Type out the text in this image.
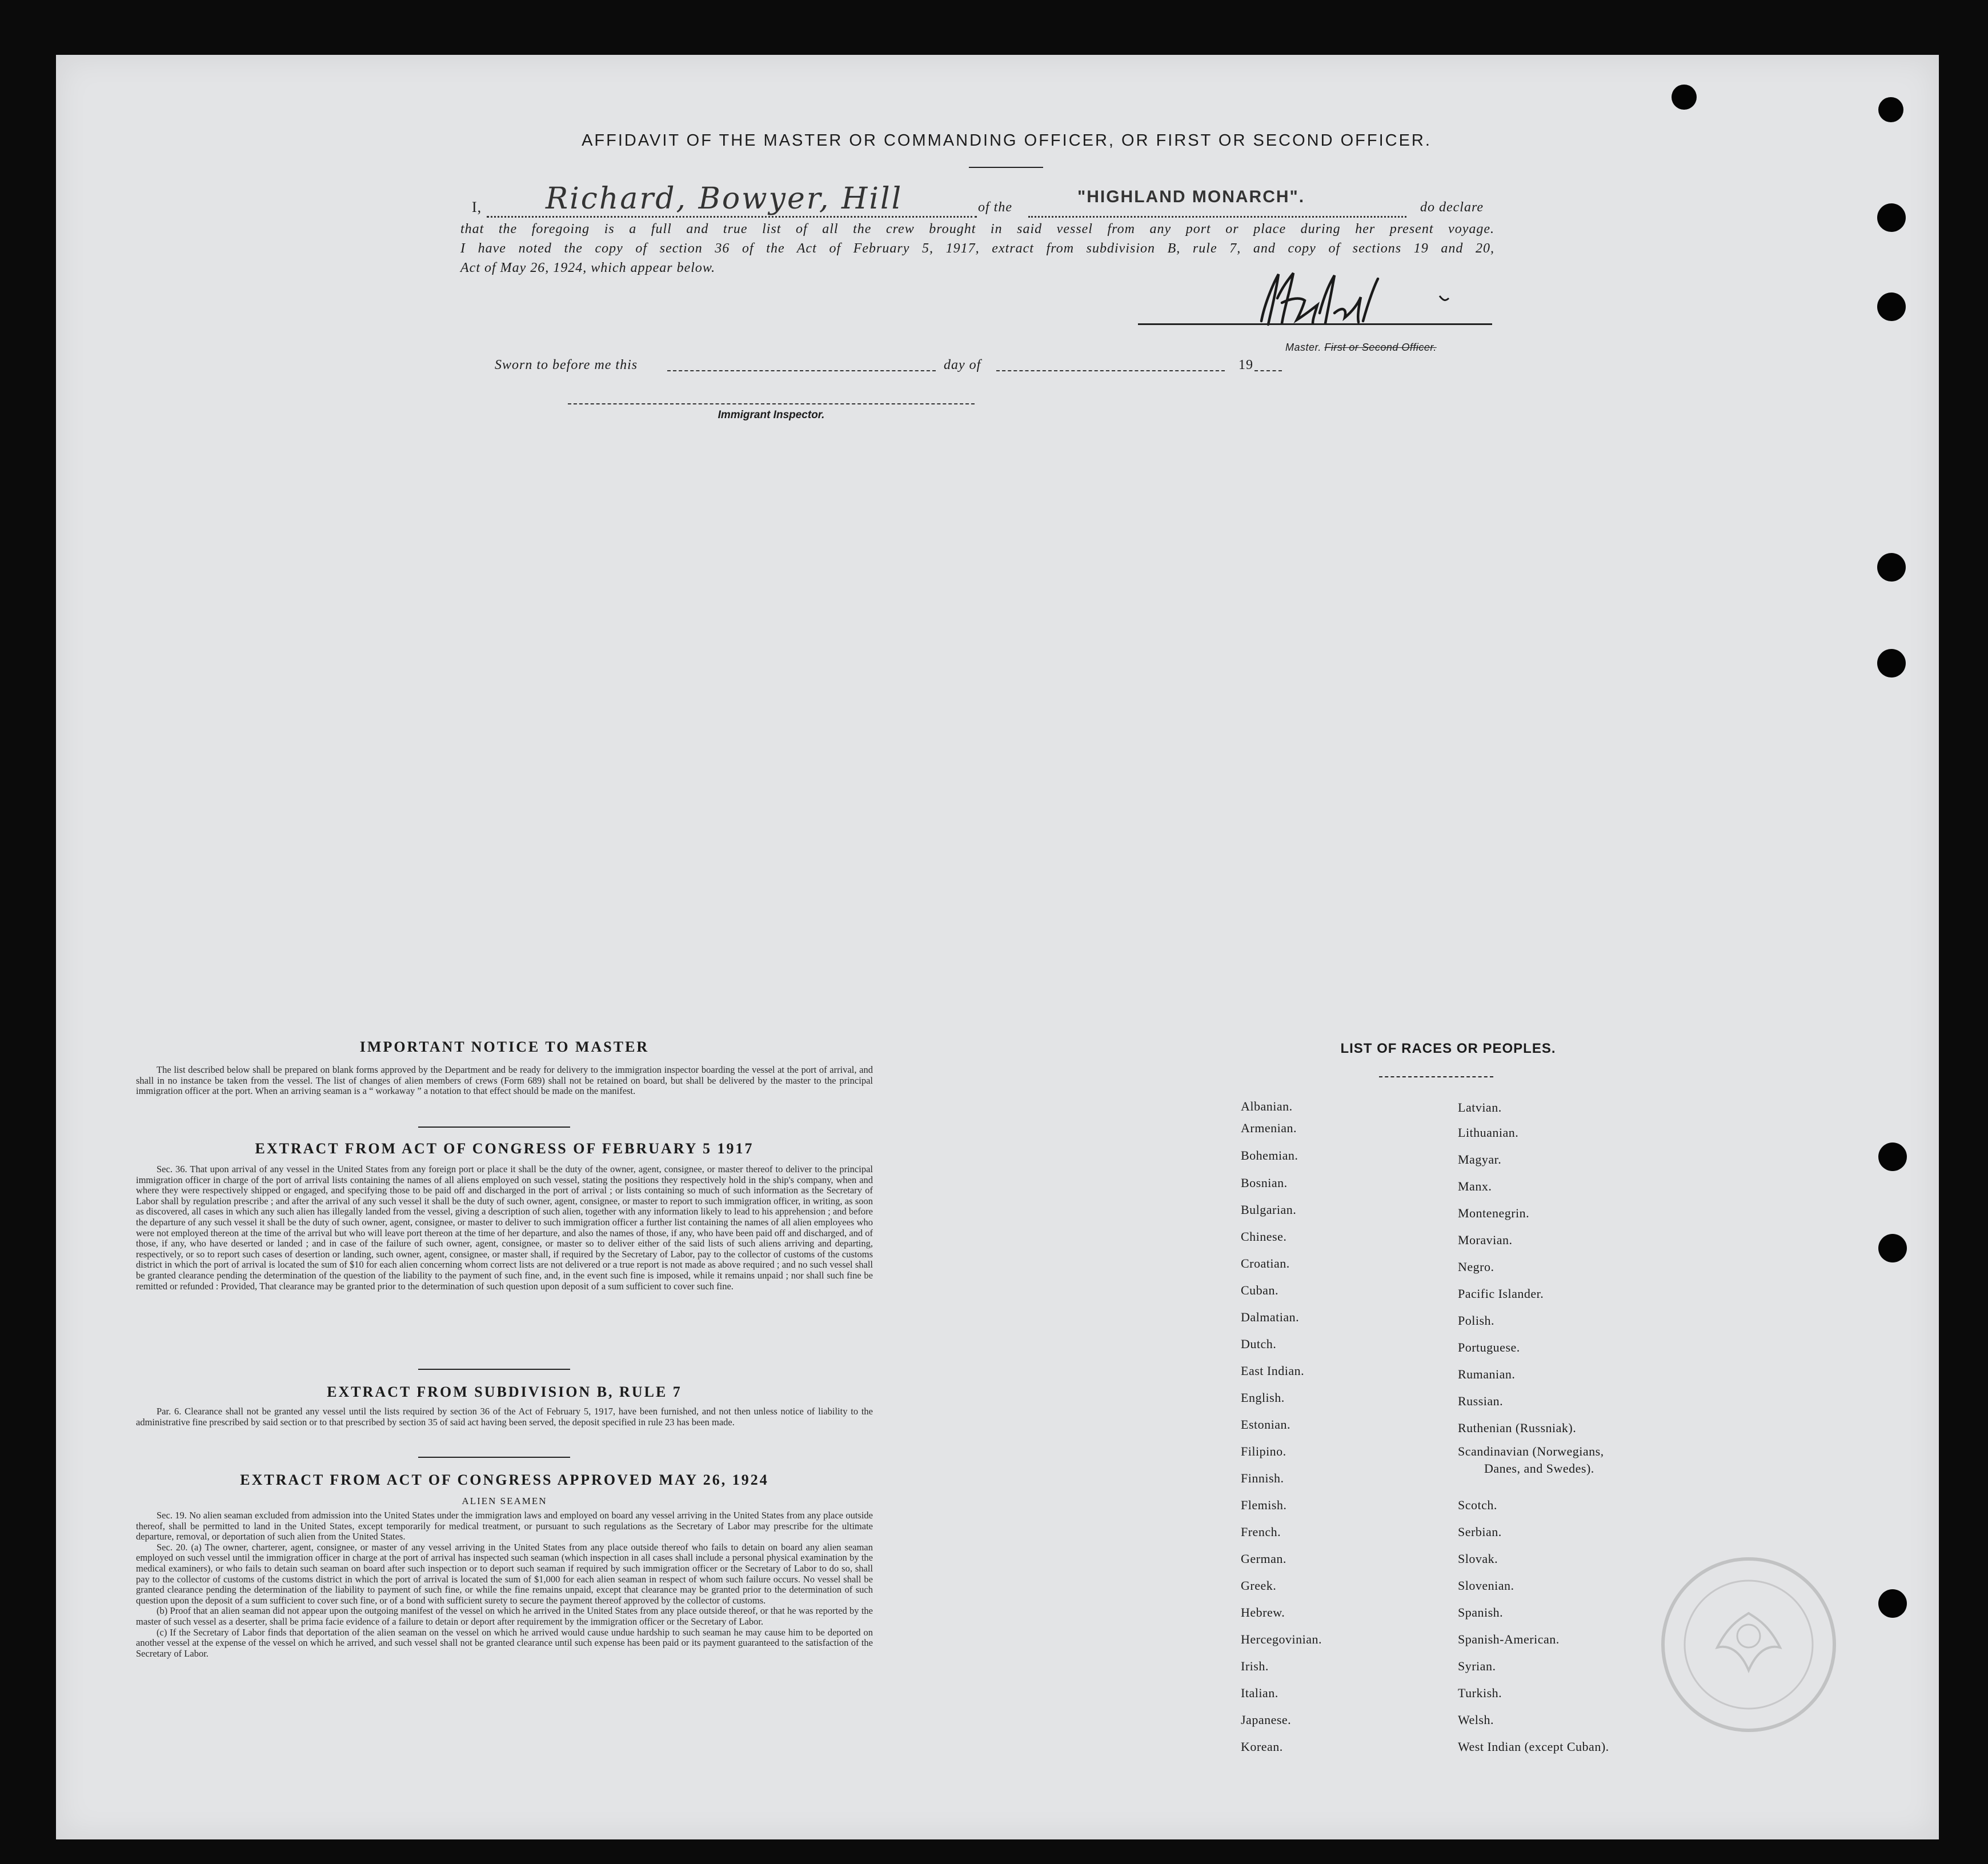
AFFIDAVIT OF THE MASTER OR COMMANDING OFFICER, OR FIRST OR SECOND OFFICER.
I, Richard, Bowyer, Hill	of the
"HIGHLAND MONARCH".
do declare
that the foregoing is a full and true list of all the crew brought in said vessel from any port or place during her present voyage.
I have noted the copy of section 36 of the Act of February 5, 1917, extract from subdivision B, rule 7, and copy of sections 19 and 20,
Act of May 26, 1924, which appear below.
Master. First or Second Officer.
Sworn to before me this	day of	19
Immigrant Inspector.
IMPORTANT NOTICE TO MASTER

The list described below shall be prepared on blank forms approved by the Department and be ready for delivery to the immigration inspector boarding the vessel at the port of arrival, and shall in no instance be taken from the vessel. The list of changes of alien members of crews (Form 689) shall not be retained on board, but shall be delivered by the master to the principal immigration officer at the port. When an arriving seaman is a “ workaway ” a notation to that effect should be made on the manifest.

EXTRACT FROM ACT OF CONGRESS OF FEBRUARY 5 1917

Sec. 36. That upon arrival of any vessel in the United States from any foreign port or place it shall be the duty of the owner, agent, consignee, or master thereof to deliver to the principal immigration officer in charge of the port of arrival lists containing the names of all aliens employed on such vessel, stating the positions they respectively hold in the ship's company, when and where they were respectively shipped or engaged, and specifying those to be paid off and discharged in the port of arrival ; or lists containing so much of such information as the Secretary of Labor shall by regulation prescribe ; and after the arrival of any such vessel it shall be the duty of such owner, agent, consignee, or master to report to such immigration officer, in writing, as soon as discovered, all cases in which any such alien has illegally landed from the vessel, giving a description of such alien, together with any information likely to lead to his apprehension ; and before the departure of any such vessel it shall be the duty of such owner, agent, consignee, or master to deliver to such immigration officer a further list containing the names of all alien employees who were not employed thereon at the time of the arrival but who will leave port thereon at the time of her departure, and also the names of those, if any, who have been paid off and discharged, and of those, if any, who have deserted or landed ; and in case of the failure of such owner, agent, consignee, or master so to deliver either of the said lists of such aliens arriving and departing, respectively, or so to report such cases of desertion or landing, such owner, agent, consignee, or master shall, if required by the Secretary of Labor, pay to the collector of customs of the customs district in which the port of arrival is located the sum of $10 for each alien concerning whom correct lists are not delivered or a true report is not made as above required ; and no such vessel shall be granted clearance pending the determination of the question of the liability to the payment of such fine, and, in the event such fine is imposed, while it remains unpaid ; nor shall such fine be remitted or refunded : Provided, That clearance may be granted prior to the determination of such question upon deposit of a sum sufficient to cover such fine.

EXTRACT FROM SUBDIVISION B, RULE 7

Par. 6. Clearance shall not be granted any vessel until the lists required by section 36 of the Act of February 5, 1917, have been furnished, and not then unless notice of liability to the administrative fine prescribed by said section or to that prescribed by section 35 of said act having been served, the deposit specified in rule 23 has been made.

EXTRACT FROM ACT OF CONGRESS APPROVED MAY 26, 1924
ALIEN SEAMEN

Sec. 19. No alien seaman excluded from admission into the United States under the immigration laws and employed on board any vessel arriving in the United States from any place outside thereof, shall be permitted to land in the United States, except temporarily for medical treatment, or pursuant to such regulations as the Secretary of Labor may prescribe for the ultimate departure, removal, or deportation of such alien from the United States.

Sec. 20. (a) The owner, charterer, agent, consignee, or master of any vessel arriving in the United States from any place outside thereof who fails to detain on board any alien seaman employed on such vessel until the immigration officer in charge at the port of arrival has inspected such seaman (which inspection in all cases shall include a personal physical examination by the medical examiners), or who fails to detain such seaman on board after such inspection or to deport such seaman if required by such immigration officer or the Secretary of Labor to do so, shall pay to the collector of customs of the customs district in which the port of arrival is located the sum of $1,000 for each alien seaman in respect of whom such failure occurs. No vessel shall be granted clearance pending the determination of the liability to payment of such fine, or while the fine remains unpaid, except that clearance may be granted prior to the determination of such question upon the deposit of a sum sufficient to cover such fine, or of a bond with sufficient surety to secure the payment thereof approved by the collector of customs.

(b) Proof that an alien seaman did not appear upon the outgoing manifest of the vessel on which he arrived in the United States from any place outside thereof, or that he was reported by the master of such vessel as a deserter, shall be prima facie evidence of a failure to detain or deport after requirement by the immigration officer or the Secretary of Labor.

(c) If the Secretary of Labor finds that deportation of the alien seaman on the vessel on which he arrived would cause undue hardship to such seaman he may cause him to be deported on another vessel at the expense of the vessel on which he arrived, and such vessel shall not be granted clearance until such expense has been paid or its payment guaranteed to the satisfaction of the Secretary of Labor.

LIST OF RACES OR PEOPLES.
Albanian.
Armenian.
Bohemian.
Bosnian.
Bulgarian.
Chinese.
Croatian.
Cuban.
Dalmatian.
Dutch.
East Indian.
English.
Estonian.
Filipino.
Finnish.
Flemish.
French.
German.
Greek.
Hebrew.
Hercegovinian.
Irish.
Italian.
Japanese.
Korean.
Latvian.
Lithuanian.
Magyar.
Manx.
Montenegrin.
Moravian.
Negro.
Pacific Islander.
Polish.
Portuguese.
Rumanian.
Russian.
Ruthenian (Russniak).
Scandinavian (Norwegians,
Danes, and Swedes).
Scotch.
Serbian.
Slovak.
Slovenian.
Spanish.
Spanish-American.
Syrian.
Turkish.
Welsh.
West Indian (except Cuban).
